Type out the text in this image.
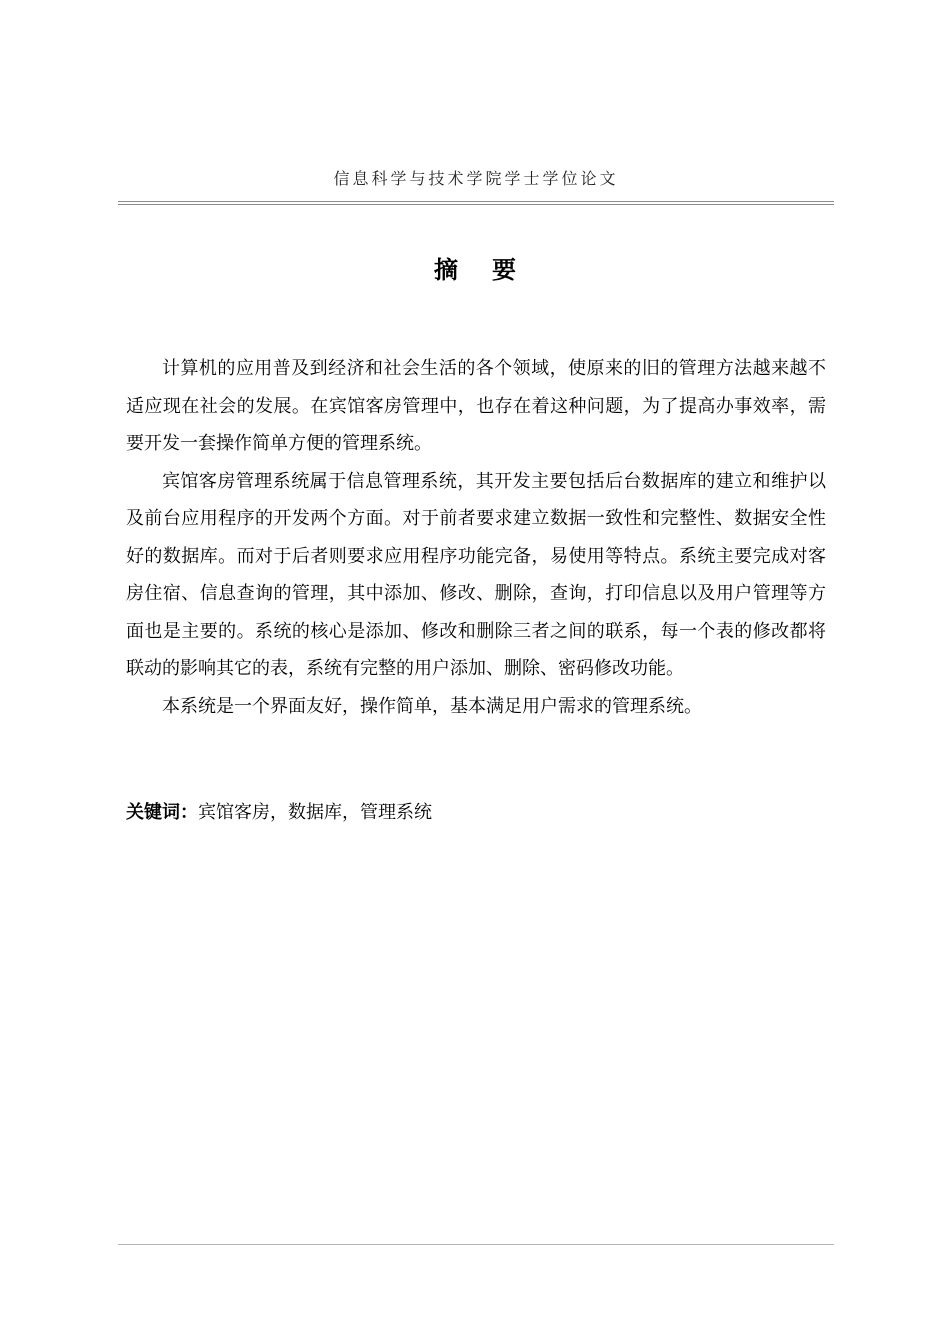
信息科学与技术学院学士学位论文
摘要

计算机的应用普及到经济和社会生活的各个领域，使原来的旧的管理方法越来越不适应现在社会的发展。在宾馆客房管理中，也存在着这种问题，为了提高办事效率，需要开发一套操作简单方便的管理系统。

宾馆客房管理系统属于信息管理系统，其开发主要包括后台数据库的建立和维护以及前台应用程序的开发两个方面。对于前者要求建立数据一致性和完整性、数据安全性好的数据库。而对于后者则要求应用程序功能完备，易使用等特点。系统主要完成对客房住宿、信息查询的管理，其中添加、修改、删除，查询，打印信息以及用户管理等方面也是主要的。系统的核心是添加、修改和删除三者之间的联系，每一个表的修改都将联动的影响其它的表，系统有完整的用户添加、删除、密码修改功能。

本系统是一个界面友好，操作简单，基本满足用户需求的管理系统。

关键词：宾馆客房，数据库，管理系统
